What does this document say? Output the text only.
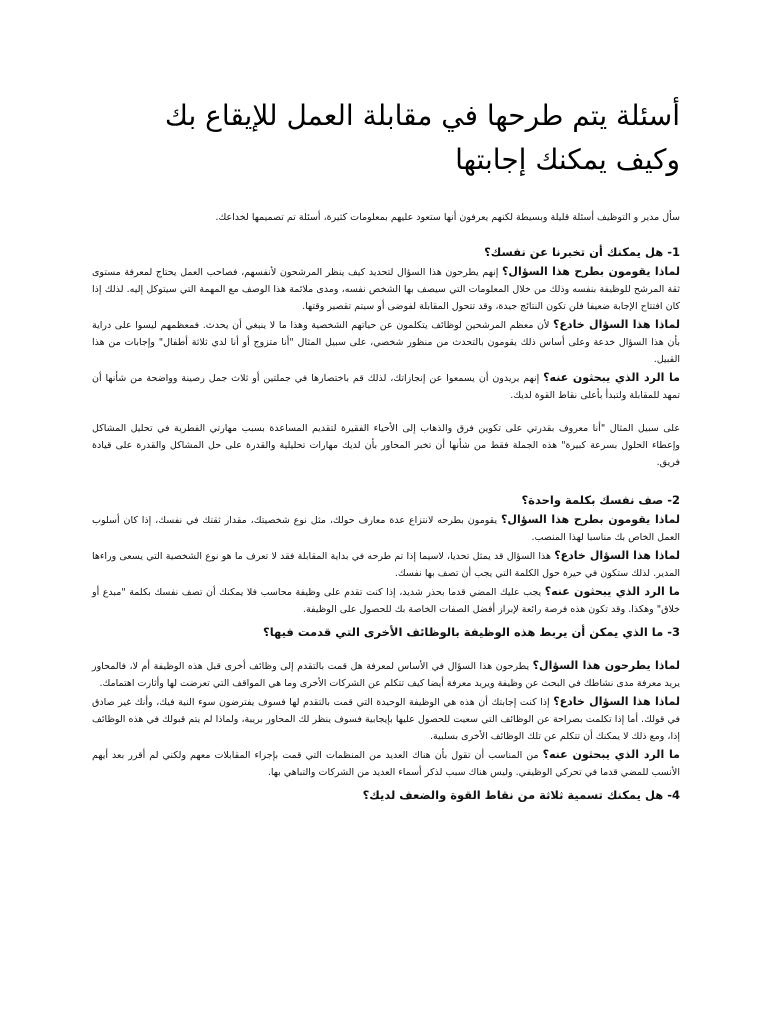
أسئلة يتم طرحها في مقابلة العمل للإيقاع بك وكيف يمكنك إجابتها

سأل مدير و التوظيف أسئلة قليلة وبسيطة لكنهم يعرفون أنها ستعود عليهم بمعلومات كثيرة، أسئلة تم تصميمها لخداعك.

1- هل يمكنك أن تخبرنا عن نفسك؟

لماذا يقومون بطرح هذا السؤال؟ إنهم يطرحون هذا السؤال لتحديد كيف ينظر المرشحون لأنفسهم، فصاحب العمل يحتاج لمعرفة مستوى ثقة المرشح للوظيفة بنفسه وذلك من خلال المعلومات التي سيصف بها الشخص نفسه، ومدى ملائمة هذا الوصف مع المهمة التي سيتوكل إليه. لذلك إذا كان افتتاح الإجابة ضعيفا فلن تكون النتائج جيدة، وقد تتحول المقابلة لفوضى أو سيتم تقصير وقتها.

لماذا هذا السؤال خادع؟ لأن معظم المرشحين لوظائف يتكلمون عن حياتهم الشخصية وهذا ما لا ينبغي أن يحدث. فمعظمهم ليسوا على دراية بأن هذا السؤال خدعة وعلى أساس ذلك يقومون بالتحدث من منظور شخصي، على سبيل المثال "أنا متزوج أو أنا لدي ثلاثة أطفال" وإجابات من هذا القبيل.

ما الرد الذي يبحثون عنه؟ إنهم يريدون أن يسمعوا عن إنجازاتك، لذلك قم باختصارها في جملتين أو ثلاث جمل رصينة وواضحة من شأنها أن تمهد للمقابلة ولتبدأ بأعلى نقاط القوة لديك.

على سبيل المثال "أنا معروف بقدرتي على تكوين فرق والذهاب إلى الأحياء الفقيرة لتقديم المساعدة بسبب مهارتي الفطرية في تحليل المشاكل وإعطاء الحلول بسرعة كبيرة" هذه الجملة فقط من شأنها أن تخبر المحاور بأن لديك مهارات تحليلية والقدرة على حل المشاكل والقدرة على قيادة فريق.

2- صف نفسك بكلمة واحدة؟

لماذا يقومون بطرح هذا السؤال؟ يقومون بطرحه لانتزاع عدة معارف حولك، مثل نوع شخصيتك، مقدار ثقتك في نفسك، إذا كان أسلوب العمل الخاص بك مناسبا لهذا المنصب.

لماذا هذا السؤال خادع؟ هذا السؤال قد يمثل تحديا، لاسيما إذا تم طرحه في بداية المقابلة فقد لا تعرف ما هو نوع الشخصية التي يسعى وراءها المدير. لذلك ستكون في حيرة حول الكلمة التي يجب أن تصف بها نفسك.

ما الرد الذي يبحثون عنه؟ يجب عليك المضي قدما بحذر شديد، إذا كنت تقدم على وظيفة محاسب فلا يمكنك أن تصف نفسك بكلمة "مبدع أو خلاق" وهكذا. وقد تكون هذه فرصة رائعة لإبراز أفضل الصفات الخاصة بك للحصول على الوظيفة.

3- ما الذي يمكن أن يربط هذه الوظيفة بالوظائف الأخرى التي قدمت فيها؟

لماذا يطرحون هذا السؤال؟ يطرحون هذا السؤال في الأساس لمعرفة هل قمت بالتقدم إلى وظائف أخرى قبل هذه الوظيفة أم لا، فالمحاور يريد معرفة مدى نشاطك في البحث عن وظيفة ويريد معرفة أيضا كيف تتكلم عن الشركات الأخرى وما هي المواقف التي تعرضت لها وأثارت اهتمامك.

لماذا هذا السؤال خادع؟ إذا كنت إجابتك أن هذه هي الوظيفة الوحيدة التي قمت بالتقدم لها فسوف يفترضون سوء النية فيك، وأنك غير صادق في قولك. أما إذا تكلمت بصراحة عن الوظائف التي سعيت للحصول عليها بإيجابية فسوف ينظر لك المحاور بريبة، ولماذا لم يتم قبولك في هذه الوظائف إذا، ومع ذلك لا يمكنك أن تتكلم عن تلك الوظائف الأخرى بسلبية.

ما الرد الذي يبحثون عنه؟ من المناسب أن تقول بأن هناك العديد من المنظمات التي قمت بإجراء المقابلات معهم ولكني لم أقرر بعد أيهم الأنسب للمضي قدما في تحركي الوظيفي. وليس هناك سبب لذكر أسماء العديد من الشركات والتباهي بها.

4- هل يمكنك تسمية ثلاثة من نقاط القوة والضعف لديك؟
